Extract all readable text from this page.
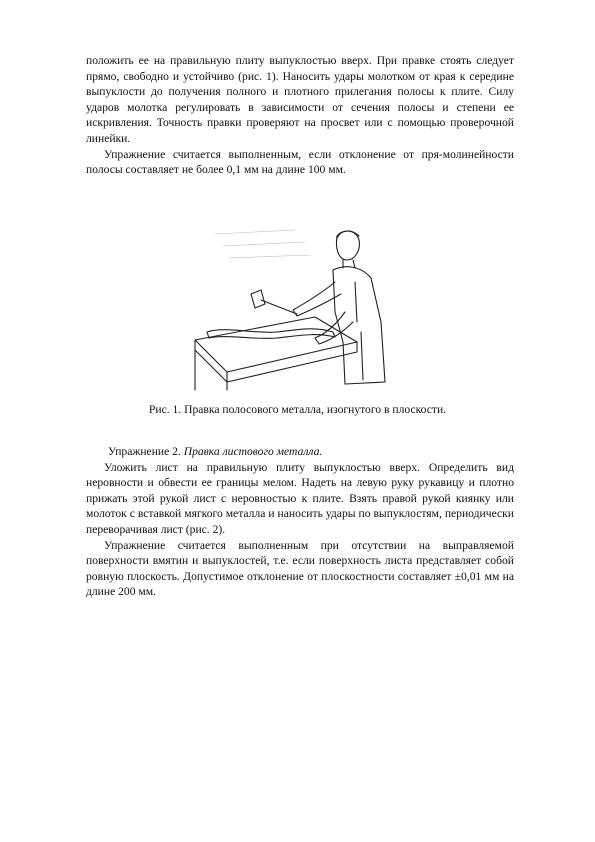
положить ее на правильную плиту выпуклостью вверх. При правке стоять следует прямо, свободно и устойчиво (рис. 1). Наносить удары молотком от края к середине выпуклости до получения полного и плотного прилегания полосы к плите. Силу ударов молотка регулировать в зависимости от сечения полосы и степени ее искривления. Точность правки проверяют на просвет или с помощью проверочной линейки.

Упражнение считается выполненным, если отклонение от пря-молинейности полосы составляет не более 0,1 мм на длине 100 мм.

Рис. 1. Правка полосового металла, изогнутого в плоскости.

Упражнение 2. Правка листового металла.

Уложить лист на правильную плиту выпуклостью вверх. Определить вид неровности и обвести ее границы мелом. Надеть на левую руку рукавицу и плотно прижать этой рукой лист с неровностью к плите. Взять правой рукой киянку или молоток с вставкой мягкого металла и наносить удары по выпуклостям, периодически переворачивая лист (рис. 2).

Упражнение считается выполненным при отсутствии на выправляемой поверхности вмятин и выпуклостей, т.е. если поверхность листа представляет собой ровную плоскость. Допустимое отклонение от плоскостности составляет ±0,01 мм на длине 200 мм.
